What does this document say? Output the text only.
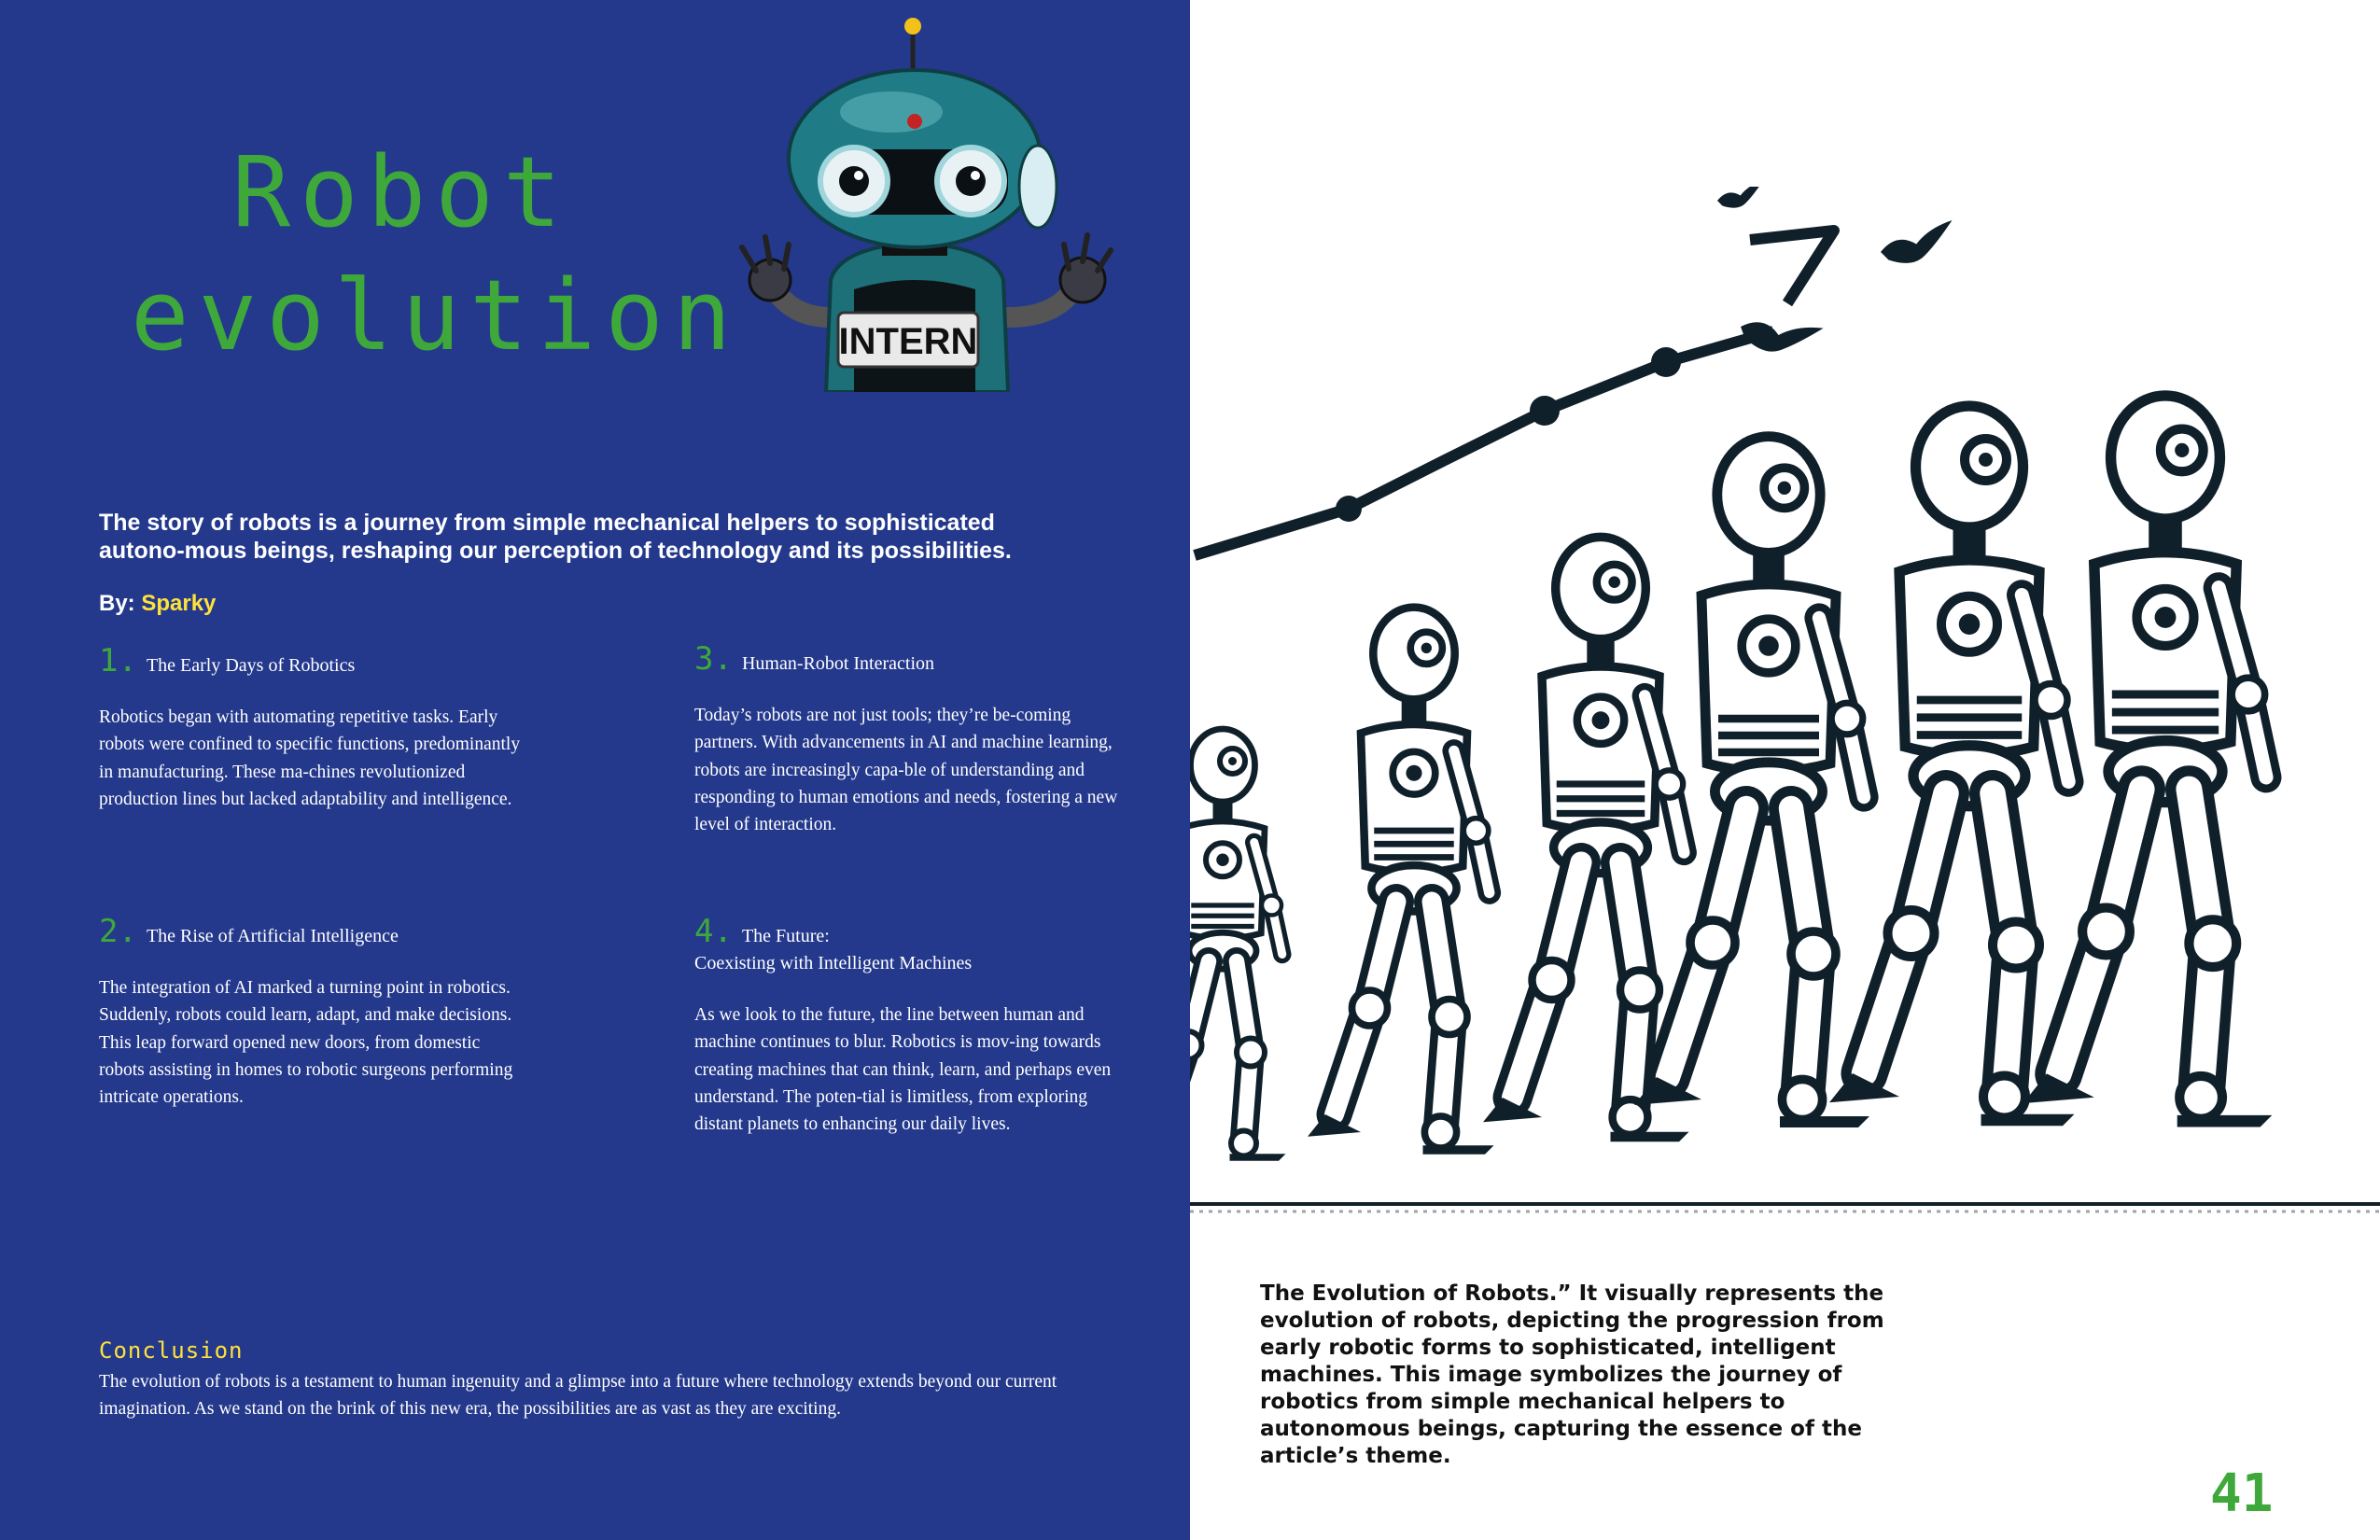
Robot
evolution	INTERN

The story of robots is a journey from simple mechanical helpers to sophisticated autono-mous beings, reshaping our perception of technology and its possibilities.

By: Sparky
1. The Early Days of Robotics

Robotics began with automating repetitive tasks. Early robots were confined to specific functions, predominantly in manufacturing. These ma-chines revolutionized production lines but lacked adaptability and intelligence.

2. The Rise of Artificial Intelligence

The integration of AI marked a turning point in robotics. Suddenly, robots could learn, adapt, and make decisions. This leap forward opened new doors, from domestic robots assisting in homes to robotic surgeons performing intricate operations.

3. Human-Robot Interaction

Today’s robots are not just tools; they’re be-coming partners. With advancements in AI and machine learning, robots are increasingly capa-ble of understanding and responding to human emotions and needs, fostering a new level of interaction.

4. The Future:
Coexisting with Intelligent Machines

As we look to the future, the line between human and machine continues to blur. Robotics is mov-ing towards creating machines that can think, learn, and perhaps even understand. The poten-tial is limitless, from exploring distant planets to enhancing our daily lives.

Conclusion

The evolution of robots is a testament to human ingenuity and a glimpse into a future where technology extends beyond our current imagination. As we stand on the brink of this new era, the possibilities are as vast as they are exciting.

The Evolution of Robots.” It visually represents the evolution of robots, depicting the progression from early robotic forms to sophisticated, intelligent machines. This image symbolizes the journey of robotics from simple mechanical helpers to autonomous beings, capturing the essence of the article’s theme.

41
